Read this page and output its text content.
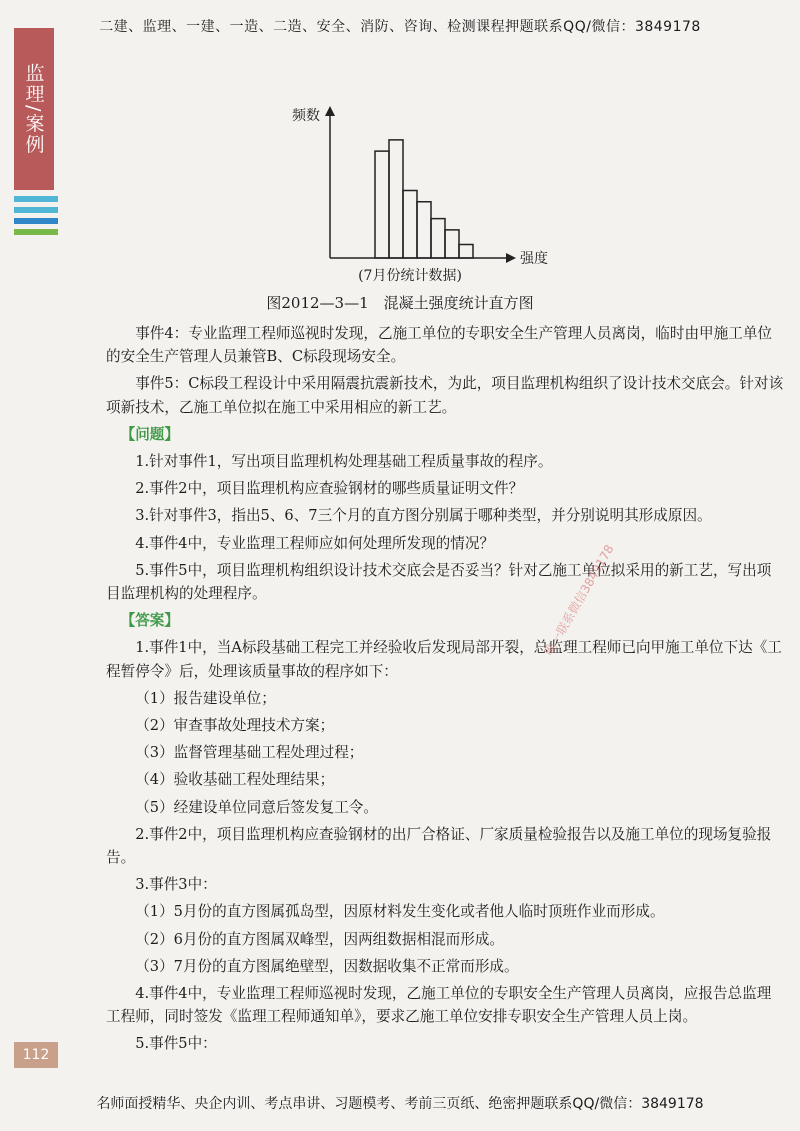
二建、监理、一建、一造、二造、安全、消防、咨询、检测课程押题联系QQ/微信：3849178
监理/案例	频数
强度
(7月份统计数据)
图2012—3—1　混凝土强度统计直方图

事件4：专业监理工程师巡视时发现，乙施工单位的专职安全生产管理人员离岗，临时由甲施工单位的安全生产管理人员兼管B、C标段现场安全。

事件5：C标段工程设计中采用隔震抗震新技术，为此，项目监理机构组织了设计技术交底会。针对该项新技术，乙施工单位拟在施工中采用相应的新工艺。

【问题】

1.针对事件1，写出项目监理机构处理基础工程质量事故的程序。

2.事件2中，项目监理机构应查验钢材的哪些质量证明文件？

3.针对事件3，指出5、6、7三个月的直方图分别属于哪种类型，并分别说明其形成原因。

4.事件4中，专业监理工程师应如何处理所发现的情况？

5.事件5中，项目监理机构组织设计技术交底会是否妥当？针对乙施工单位拟采用的新工艺，写出项目监理机构的处理程序。

【答案】

1.事件1中，当A标段基础工程完工并经验收后发现局部开裂，总监理工程师已向甲施工单位下达《工程暂停令》后，处理该质量事故的程序如下：

（1）报告建设单位；

（2）审查事故处理技术方案；

（3）监督管理基础工程处理过程；

（4）验收基础工程处理结果；

（5）经建设单位同意后签发复工令。

2.事件2中，项目监理机构应查验钢材的出厂合格证、厂家质量检验报告以及施工单位的现场复验报告。

3.事件3中：

（1）5月份的直方图属孤岛型，因原材料发生变化或者他人临时顶班作业而形成。

（2）6月份的直方图属双峰型，因两组数据相混而形成。

（3）7月份的直方图属绝壁型，因数据收集不正常而形成。

4.事件4中，专业监理工程师巡视时发现，乙施工单位的专职安全生产管理人员离岗，应报告总监理工程师，同时签发《监理工程师通知单》，要求乙施工单位安排专职安全生产管理人员上岗。

5.事件5中：

唯一联系微信3849178
112
名师面授精华、央企内训、考点串讲、习题模考、考前三页纸、绝密押题联系QQ/微信：3849178
